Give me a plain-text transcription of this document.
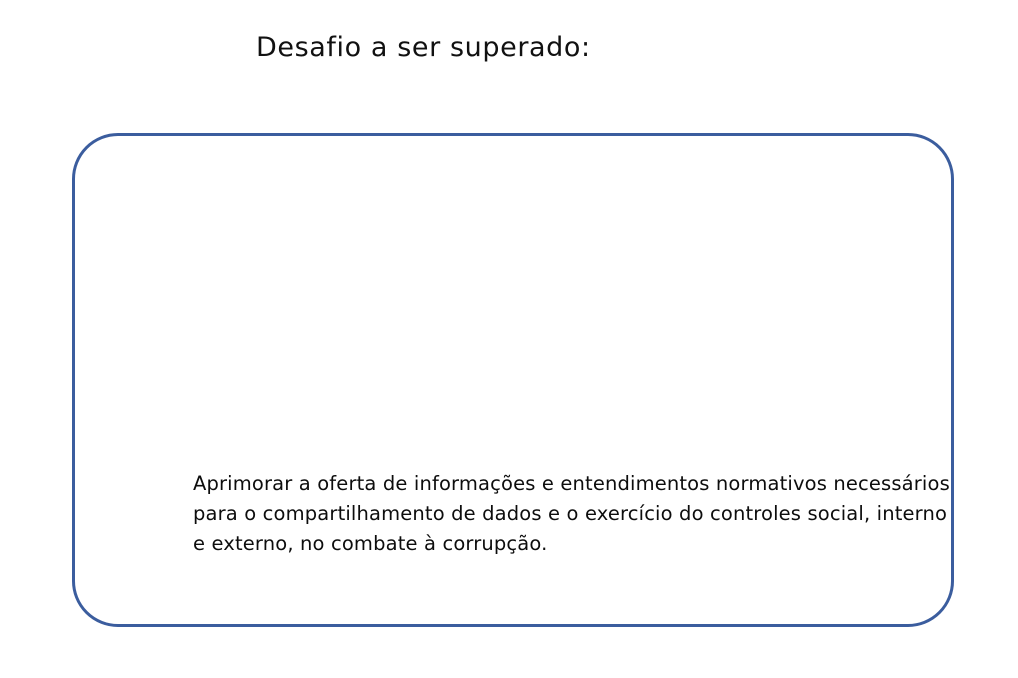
Desafio a ser superado:

Aprimorar a oferta de informações e entendimentos normativos necessários para o compartilhamento de dados e o exercício do controles social, interno e externo, no combate à corrupção.
